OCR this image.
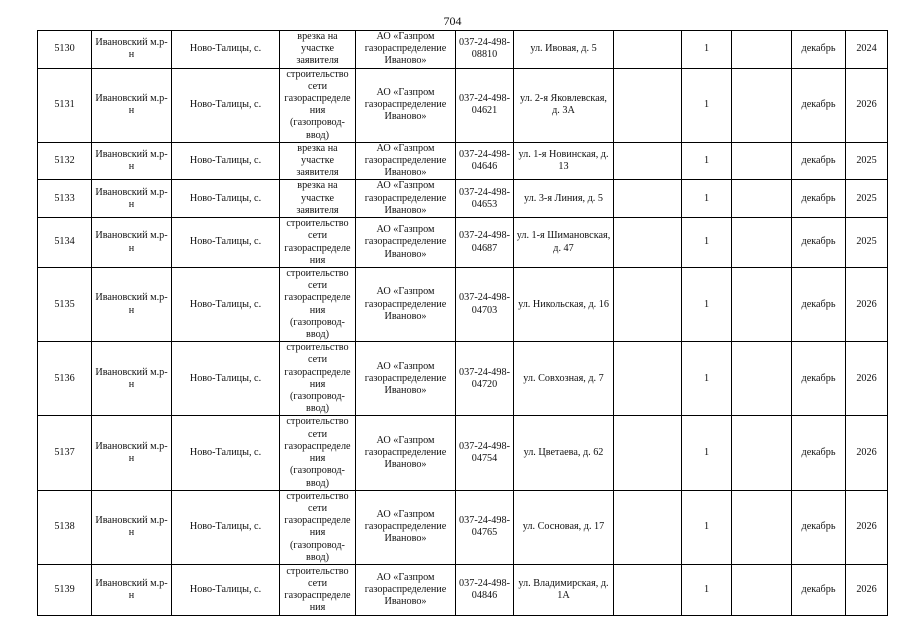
704
5130	Ивановский м.р-н	Ново-Талицы, с.	врезка на участке заявителя	АО «Газпром газораспределение Иваново»	037-24-498-08810	ул. Ивовая, д. 5		1		декабрь	2024
5131	Ивановский м.р-н	Ново-Талицы, с.	строительство сети газораспределения (газопровод-ввод)	АО «Газпром газораспределение Иваново»	037-24-498-04621	ул. 2-я Яковлевская, д. 3А		1		декабрь	2026
5132	Ивановский м.р-н	Ново-Талицы, с.	врезка на участке заявителя	АО «Газпром газораспределение Иваново»	037-24-498-04646	ул. 1-я Новинская, д. 13		1		декабрь	2025
5133	Ивановский м.р-н	Ново-Талицы, с.	врезка на участке заявителя	АО «Газпром газораспределение Иваново»	037-24-498-04653	ул. 3-я Линия, д. 5		1		декабрь	2025
5134	Ивановский м.р-н	Ново-Талицы, с.	строительство сети газораспределения	АО «Газпром газораспределение Иваново»	037-24-498-04687	ул. 1-я Шимановская, д. 47		1		декабрь	2025
5135	Ивановский м.р-н	Ново-Талицы, с.	строительство сети газораспределения (газопровод-ввод)	АО «Газпром газораспределение Иваново»	037-24-498-04703	ул. Никольская, д. 16		1		декабрь	2026
5136	Ивановский м.р-н	Ново-Талицы, с.	строительство сети газораспределения (газопровод-ввод)	АО «Газпром газораспределение Иваново»	037-24-498-04720	ул. Совхозная, д. 7		1		декабрь	2026
5137	Ивановский м.р-н	Ново-Талицы, с.	строительство сети газораспределения (газопровод-ввод)	АО «Газпром газораспределение Иваново»	037-24-498-04754	ул. Цветаева, д. 62		1		декабрь	2026
5138	Ивановский м.р-н	Ново-Талицы, с.	строительство сети газораспределения (газопровод-ввод)	АО «Газпром газораспределение Иваново»	037-24-498-04765	ул. Сосновая, д. 17		1		декабрь	2026
5139	Ивановский м.р-н	Ново-Талицы, с.	строительство сети газораспределения	АО «Газпром газораспределение Иваново»	037-24-498-04846	ул. Владимирская, д. 1А		1		декабрь	2026
